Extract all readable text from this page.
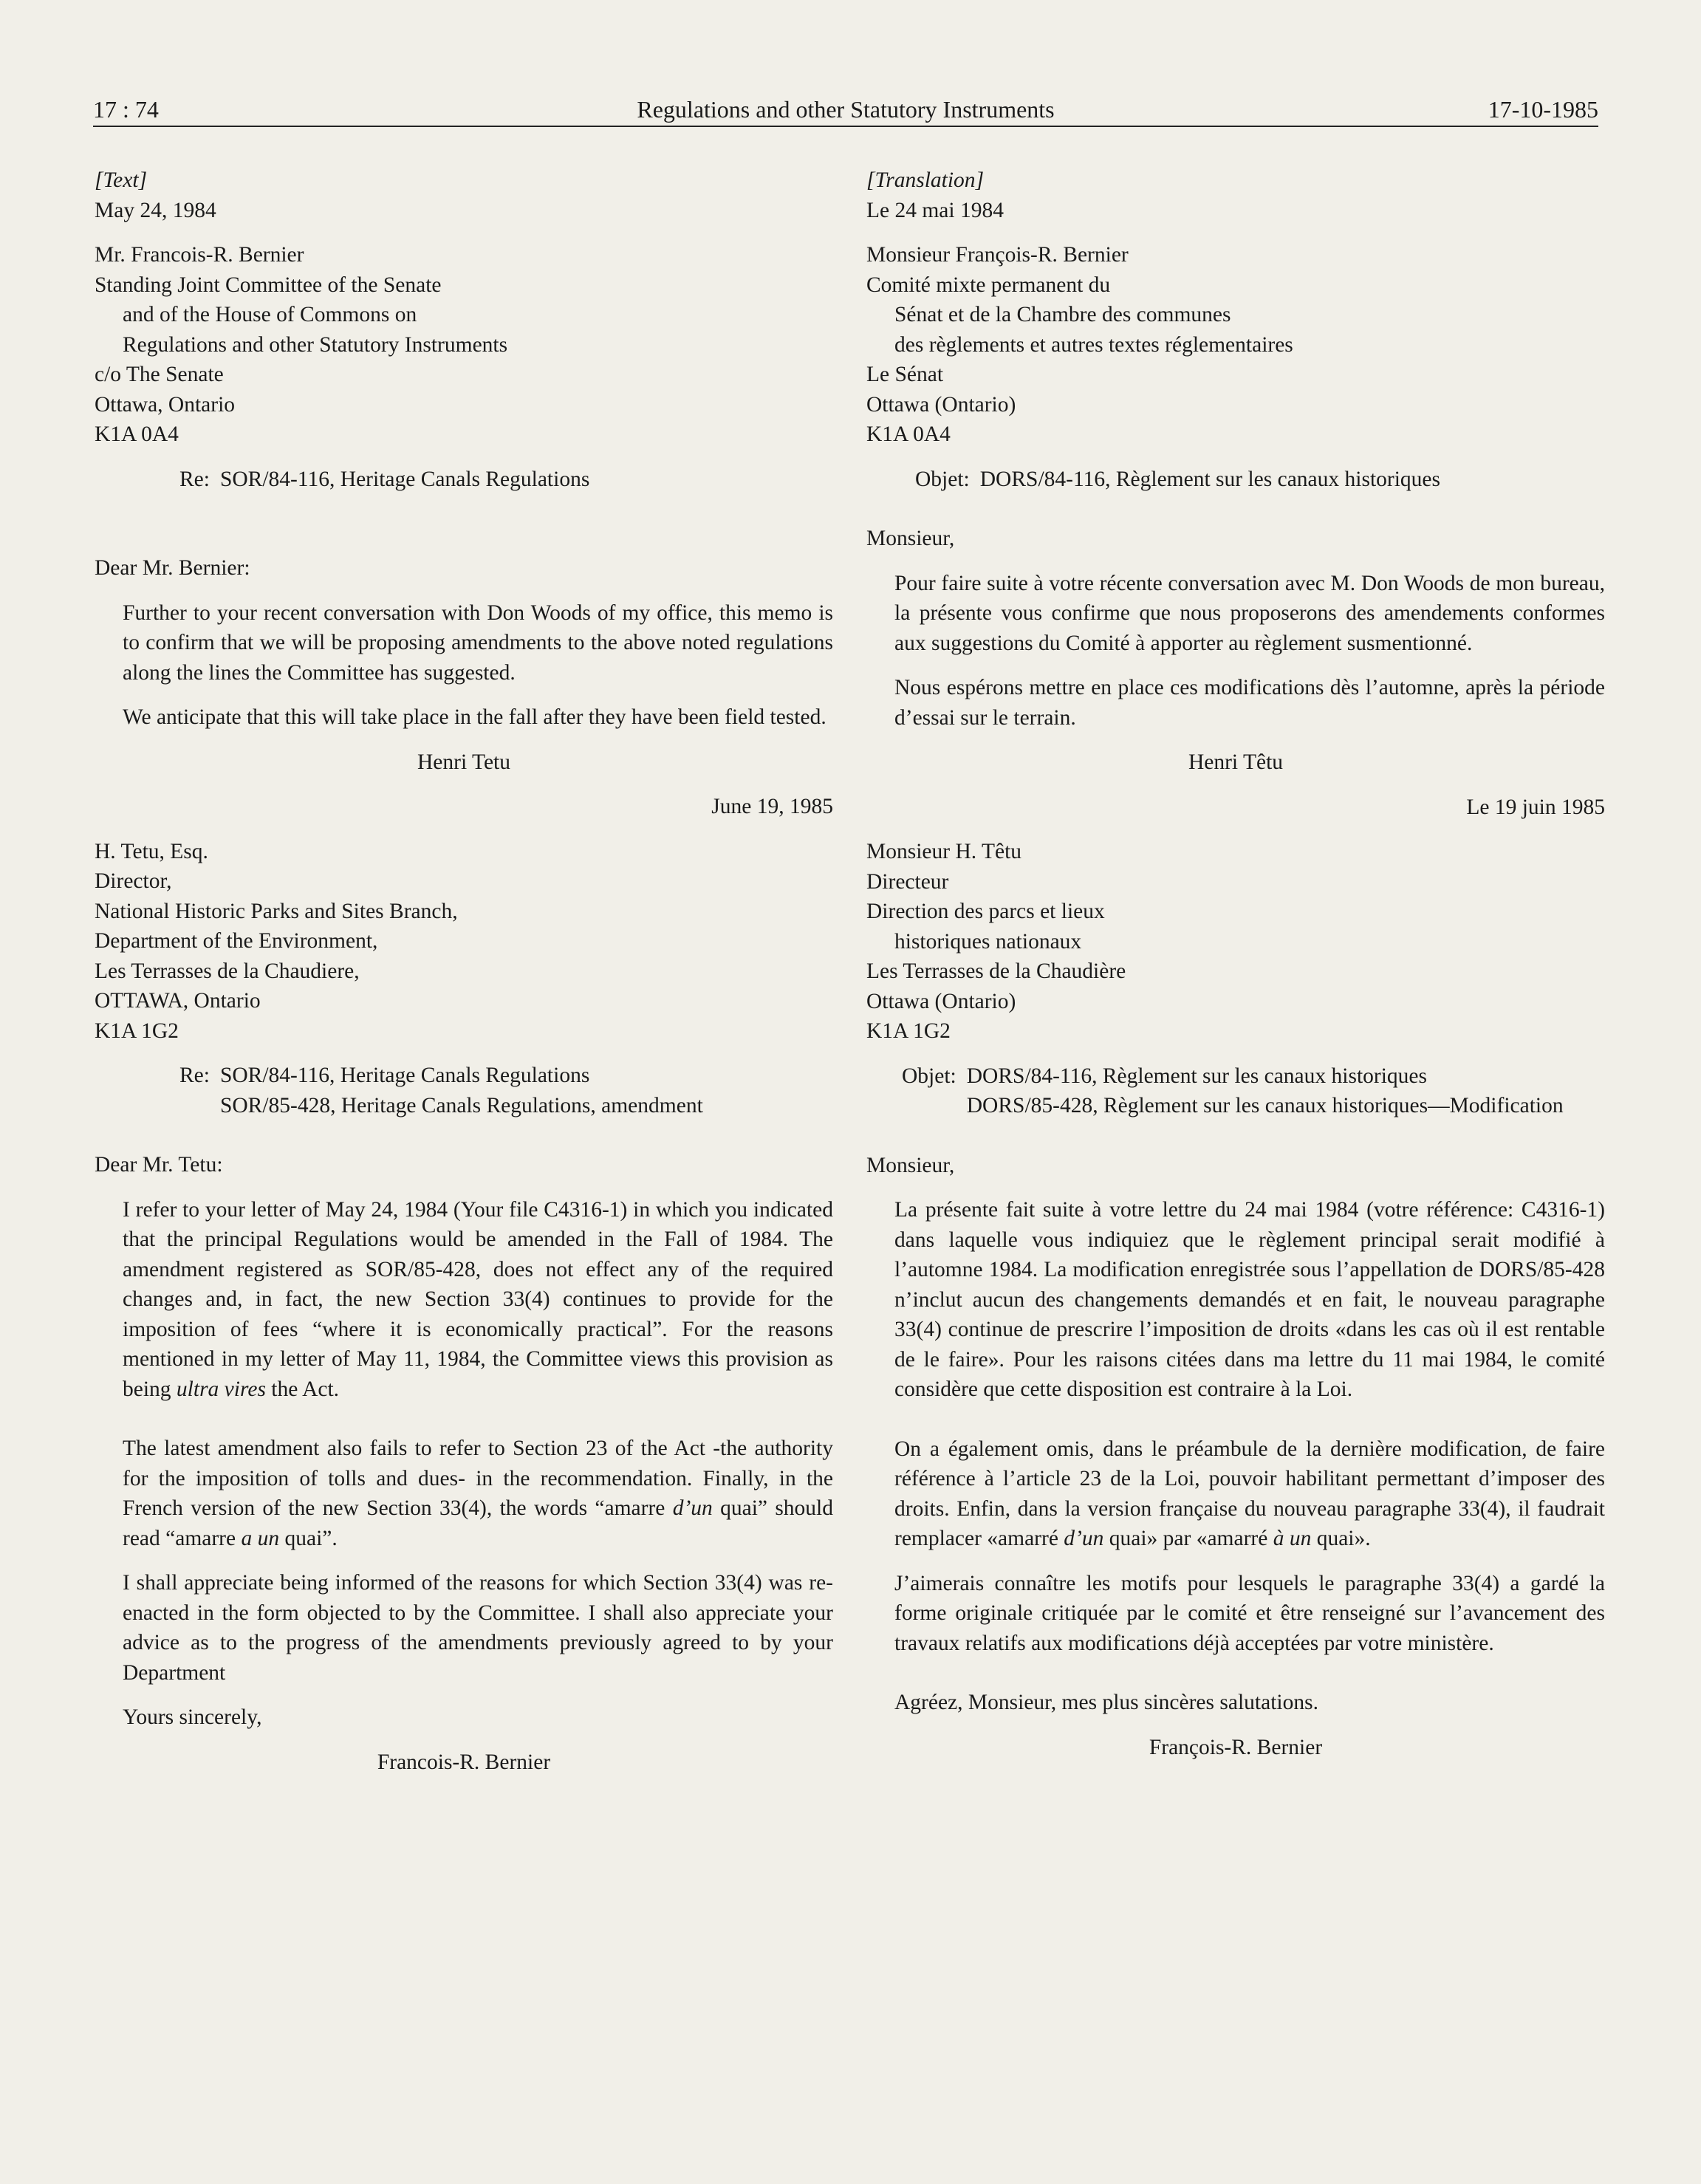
17 : 74	Regulations and other Statutory Instruments	17-10-1985

[Text]

May 24, 1984

Mr. Francois-R. Bernier

Standing Joint Committee of the Senate

and of the House of Commons on

Regulations and other Statutory Instruments

c/o The Senate

Ottawa, Ontario

K1A 0A4

Re: SOR/84-116, Heritage Canals Regulations

Dear Mr. Bernier:

Further to your recent conversation with Don Woods of my office, this memo is to confirm that we will be proposing amendments to the above noted regulations along the lines the Committee has suggested.

We anticipate that this will take place in the fall after they have been field tested.

Henri Tetu

June 19, 1985

H. Tetu, Esq.

Director,

National Historic Parks and Sites Branch,

Department of the Environment,

Les Terrasses de la Chaudiere,

OTTAWA, Ontario

K1A 1G2

Re: SOR/84-116, Heritage Canals Regulations
SOR/85-428, Heritage Canals Regulations, amendment

Dear Mr. Tetu:

I refer to your letter of May 24, 1984 (Your file C4316-1) in which you indicated that the principal Regulations would be amended in the Fall of 1984. The amendment registered as SOR/85-428, does not effect any of the required changes and, in fact, the new Section 33(4) continues to provide for the imposition of fees “where it is economically practical”. For the reasons mentioned in my letter of May 11, 1984, the Committee views this provision as being ultra vires the Act.

The latest amendment also fails to refer to Section 23 of the Act -the authority for the imposition of tolls and dues- in the recommendation. Finally, in the French version of the new Section 33(4), the words “amarre d’un quai” should read “amarre a un quai”.

I shall appreciate being informed of the reasons for which Section 33(4) was re-enacted in the form objected to by the Committee. I shall also appreciate your advice as to the progress of the amendments previously agreed to by your Department

Yours sincerely,

Francois-R. Bernier

[Translation]

Le 24 mai 1984

Monsieur François-R. Bernier

Comité mixte permanent du

Sénat et de la Chambre des communes

des règlements et autres textes réglementaires

Le Sénat

Ottawa (Ontario)

K1A 0A4

Objet: DORS/84-116, Règlement sur les canaux historiques

Monsieur,

Pour faire suite à votre récente conversation avec M. Don Woods de mon bureau, la présente vous confirme que nous proposerons des amendements conformes aux suggestions du Comité à apporter au règlement susmentionné.

Nous espérons mettre en place ces modifications dès l’automne, après la période d’essai sur le terrain.

Henri Têtu

Le 19 juin 1985

Monsieur H. Têtu

Directeur

Direction des parcs et lieux

historiques nationaux

Les Terrasses de la Chaudière

Ottawa (Ontario)

K1A 1G2

Objet: DORS/84-116, Règlement sur les canaux historiques
DORS/85-428, Règlement sur les canaux historiques—Modification

Monsieur,

La présente fait suite à votre lettre du 24 mai 1984 (votre référence: C4316-1) dans laquelle vous indiquiez que le règlement principal serait modifié à l’automne 1984. La modification enregistrée sous l’appellation de DORS/85-428 n’inclut aucun des changements demandés et en fait, le nouveau paragraphe 33(4) continue de prescrire l’imposition de droits «dans les cas où il est rentable de le faire». Pour les raisons citées dans ma lettre du 11 mai 1984, le comité considère que cette disposition est contraire à la Loi.

On a également omis, dans le préambule de la dernière modification, de faire référence à l’article 23 de la Loi, pouvoir habilitant permettant d’imposer des droits. Enfin, dans la version française du nouveau paragraphe 33(4), il faudrait remplacer «amarré d’un quai» par «amarré à un quai».

J’aimerais connaître les motifs pour lesquels le paragraphe 33(4) a gardé la forme originale critiquée par le comité et être renseigné sur l’avancement des travaux relatifs aux modifications déjà acceptées par votre ministère.

Agréez, Monsieur, mes plus sincères salutations.

François-R. Bernier
